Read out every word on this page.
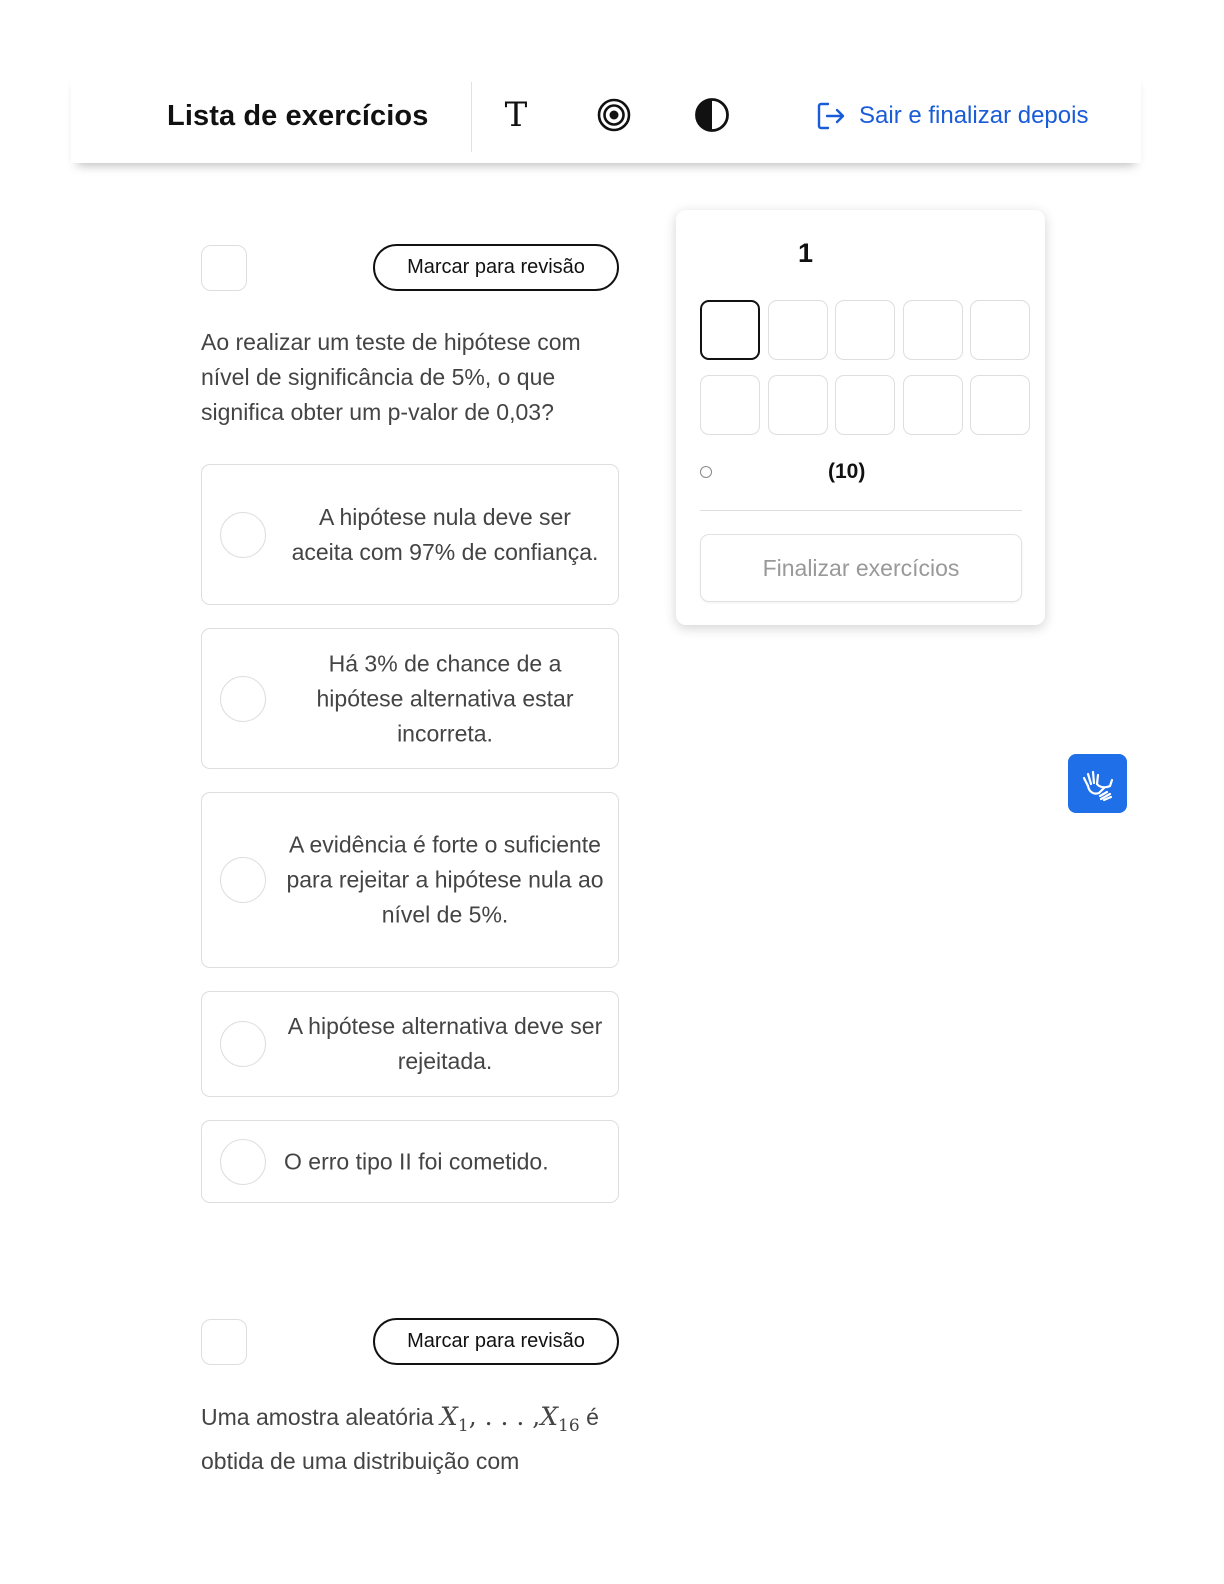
Lista de exercícios T	Sair e finalizar depois
Marcar para revisão
Ao realizar um teste de hipótese com nível de significância de 5%, o que significa obter um p-valor de 0,03?
A hipótese nula deve ser aceita com 97% de confiança.
Há 3% de chance de a hipótese alternativa estar incorreta.
A evidência é forte o suficiente para rejeitar a hipótese nula ao nível de 5%.
A hipótese alternativa deve ser rejeitada.
O erro tipo II foi cometido.
Marcar para revisão
Uma amostra aleatória $X_1$, . . . $,X_{16}$ é
obtida de uma distribuição com
1
(10)
Finalizar exercícios
